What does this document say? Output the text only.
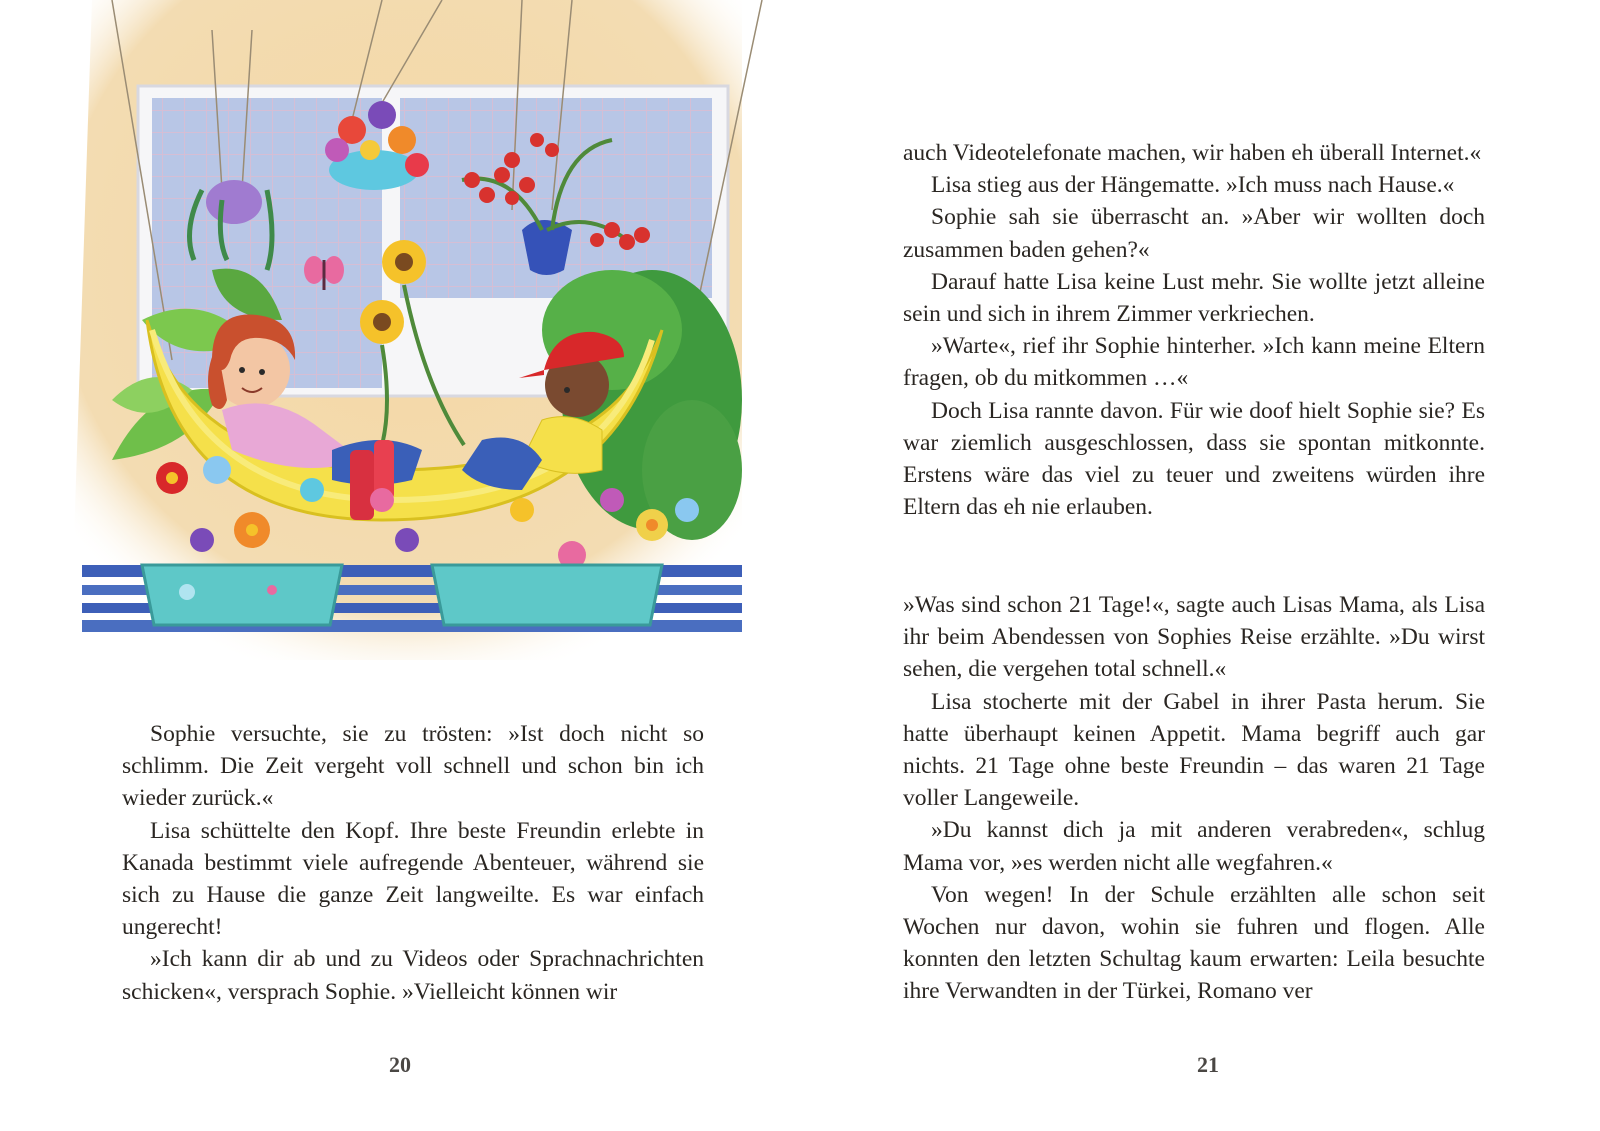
Sophie versuchte, sie zu trösten: »Ist doch nicht so schlimm. Die Zeit vergeht voll schnell und schon bin ich wieder zurück.«

Lisa schüttelte den Kopf. Ihre beste Freundin erlebte in Kanada bestimmt viele aufregende Abenteuer, während sie sich zu Hause die ganze Zeit langweilte. Es war einfach ungerecht!

»Ich kann dir ab und zu Videos oder Sprachnachrichten schicken«, versprach Sophie. »Vielleicht können wir

20

auch Videotelefonate machen, wir haben eh überall Internet.«

Lisa stieg aus der Hängematte. »Ich muss nach Hause.«

Sophie sah sie überrascht an. »Aber wir wollten doch zusammen baden gehen?«

Darauf hatte Lisa keine Lust mehr. Sie wollte jetzt alleine sein und sich in ihrem Zimmer verkriechen.

»Warte«, rief ihr Sophie hinterher. »Ich kann meine Eltern fragen, ob du mitkommen …«

Doch Lisa rannte davon. Für wie doof hielt Sophie sie? Es war ziemlich ausgeschlossen, dass sie spontan mitkonnte. Erstens wäre das viel zu teuer und zweitens würden ihre Eltern das eh nie erlauben.

»Was sind schon 21 Tage!«, sagte auch Lisas Mama, als Lisa ihr beim Abendessen von Sophies Reise erzählte. »Du wirst sehen, die vergehen total schnell.«

Lisa stocherte mit der Gabel in ihrer Pasta herum. Sie hatte überhaupt keinen Appetit. Mama begriff auch gar nichts. 21 Tage ohne beste Freundin – das waren 21 Tage voller Langeweile.

»Du kannst dich ja mit anderen verabreden«, schlug Mama vor, »es werden nicht alle wegfahren.«

Von wegen! In der Schule erzählten alle schon seit Wochen nur davon, wohin sie fuhren und flogen. Alle konnten den letzten Schultag kaum erwarten: Leila besuchte ihre Verwandten in der Türkei, Romano ver

21
